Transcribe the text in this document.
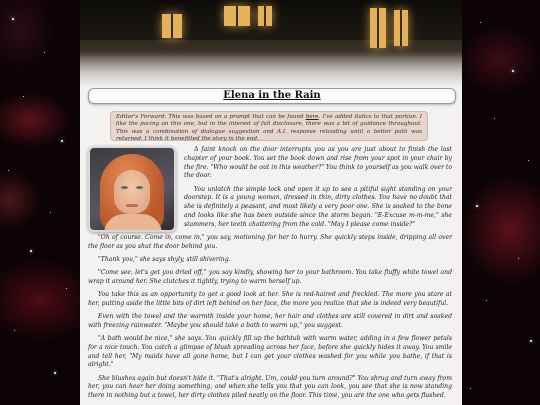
Elena in the Rain
Editor's Forward: This was based on a prompt that can be found here. I've added italics to that portion. I like the pacing on this one, but in the interest of full disclosure, there was a bit of guidance throughout. This was a combination of dialogue suggestion and A.I. response reloading until a better path was returned. I think it benefitted the story in the end.

A faint knock on the door interrupts you as you are just about to finish the last chapter of your book. You set the book down and rise from your spot in your chair by the fire. "Who would be out in this weather?" You think to yourself as you walk over to the door.

You unlatch the simple lock and open it up to see a pitiful sight standing on your doorstep. It is a young woman, dressed in thin, dirty clothes. You have no doubt that she is definitely a peasant, and most likely a very poor one. She is soaked to the bone and looks like she has been outside since the storm began. "E-Excuse m-m-me," she stammers, her teeth chattering from the cold. "May I please come inside?"

"Oh of course. Come in, come in," you say, motioning for her to hurry. She quickly steps inside, dripping all over the floor as you shut the door behind you.

"Thank you," she says shyly, still shivering.

"Come see, let's get you dried off," you say kindly, showing her to your bathroom. You take fluffy white towel and wrap it around her. She clutches it tightly, trying to warm herself up.

You take this as an opportunity to get a good look at her. She is red-haired and freckled. The more you stare at her, putting aside the little bits of dirt left behind on her face, the more you realize that she is indeed very beautiful.

Even with the towel and the warmth inside your home, her hair and clothes are still covered in dirt and soaked with freezing rainwater. "Maybe you should take a bath to warm up," you suggest.

"A bath would be nice," she says. You quickly fill up the bathtub with warm water, adding in a few flower petals for a nice touch. You catch a glimpse of blush spreading across her face, before she quickly hides it away. You smile and tell her, "My maids have all gone home, but I can get your clothes washed for you while you bathe, if that is alright."

She blushes again but doesn't hide it. "That's alright. Um, could you turn around?" You shrug and turn away from her, you can hear her doing something, and when she tells you that you can look, you see that she is now standing there in nothing but a towel, her dirty clothes piled neatly on the floor. This time, you are the one who gets flushed.
